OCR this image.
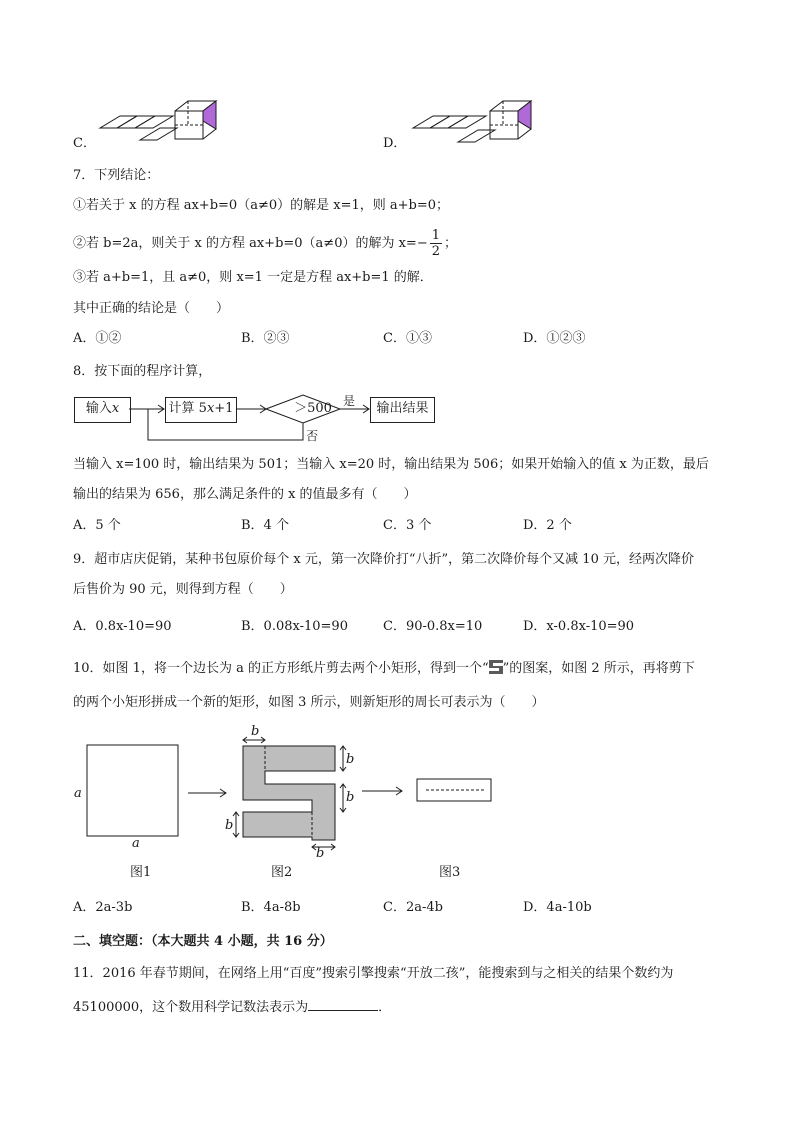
C．	D．
7．下列结论：
①若关于 x 的方程 ax+b=0（a≠0）的解是 x=1，则 a+b=0；
②若 b=2a，则关于 x 的方程 ax+b=0（a≠0）的解为 $x=- \frac{1}{2}$ ；
③若 a+b=1，且 a≠0，则 x=1 一定是方程 ax+b=1 的解．
其中正确的结论是（　　）
A．①②	B．②③	C．①③	D．①②③
8．按下面的程序计算，
输入x	计算 5x+1	＞500 是
否
输出结果
当输入 x=100 时，输出结果为 501；当输入 x=20 时，输出结果为 506；如果开始输入的值 x 为正数，最后
输出的结果为 656，那么满足条件的 x 的值最多有（　　）
A．5 个	B．4 个	C．3 个	D．2 个
9．超市店庆促销，某种书包原价每个 x 元，第一次降价打“八折”，第二次降价每个又减 10 元，经两次降价
后售价为 90 元，则得到方程（　　）
A．0.8x-10=90	B．0.08x-10=90	C．90-0.8x=10	D．x-0.8x-10=90
10．如图 1，将一个边长为 a 的正方形纸片剪去两个小矩形，得到一个“ ”的图案，如图 2 所示，再将剪下
的两个小矩形拼成一个新的矩形，如图 3 所示，则新矩形的周长可表示为（　　）
a
a
b
b
b
b
b
图1	图2	图3
A．2a-3b	B．4a-8b	C．2a-4b	D．4a-10b
二、填空题：（本大题共 4 小题，共 16 分）
11．2016 年春节期间，在网络上用“百度”搜索引擎搜索“开放二孩”，能搜索到与之相关的结果个数约为
45100000，这个数用科学记数法表示为	．
